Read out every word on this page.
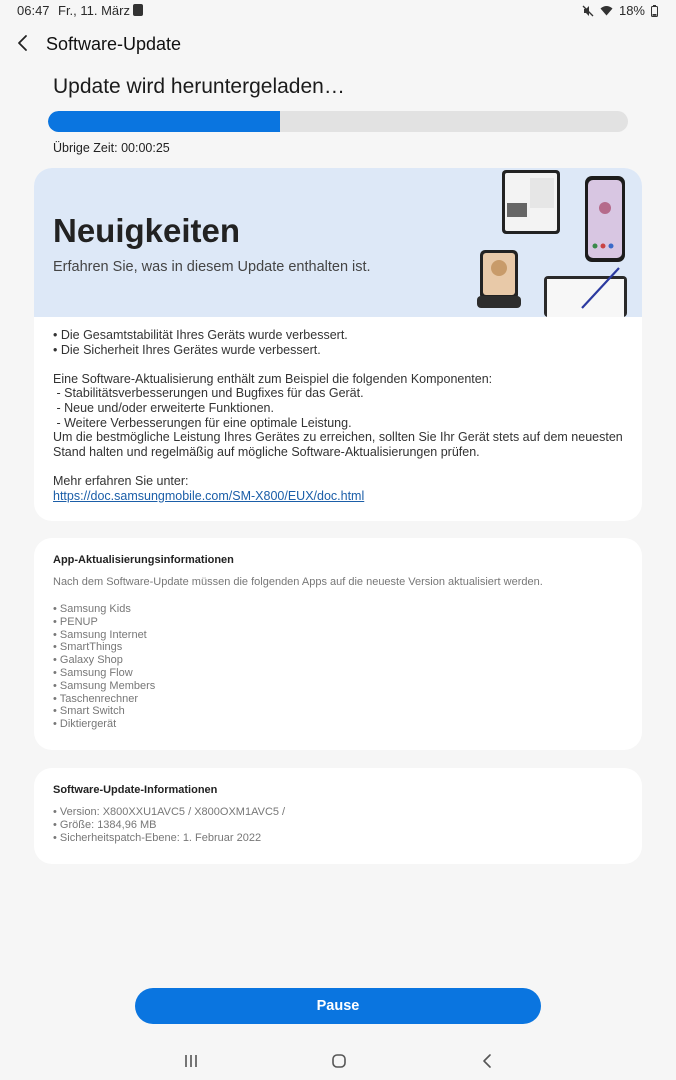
06:47 Fr., 11. März	18%
Software-Update
Update wird heruntergeladen…
Übrige Zeit: 00:00:25
Neuigkeiten
Erfahren Sie, was in diesem Update enthalten ist.
• Die Gesamtstabilität Ihres Geräts wurde verbessert.
• Die Sicherheit Ihres Gerätes wurde verbessert.
Eine Software-Aktualisierung enthält zum Beispiel die folgenden Komponenten:
- Stabilitätsverbesserungen und Bugfixes für das Gerät.
- Neue und/oder erweiterte Funktionen.
- Weitere Verbesserungen für eine optimale Leistung.
Um die bestmögliche Leistung Ihres Gerätes zu erreichen, sollten Sie Ihr Gerät stets auf dem neuesten
Stand halten und regelmäßig auf mögliche Software-Aktualisierungen prüfen.
Mehr erfahren Sie unter:
https://doc.samsungmobile.com/SM-X800/EUX/doc.html
App-Aktualisierungsinformationen
Nach dem Software-Update müssen die folgenden Apps auf die neueste Version aktualisiert werden.
• Samsung Kids
• PENUP
• Samsung Internet
• SmartThings
• Galaxy Shop
• Samsung Flow
• Samsung Members
• Taschenrechner
• Smart Switch
• Diktiergerät
Software-Update-Informationen
• Version: X800XXU1AVC5 / X800OXM1AVC5 /
• Größe: 1384,96 MB
• Sicherheitspatch-Ebene: 1. Februar 2022
Pause
